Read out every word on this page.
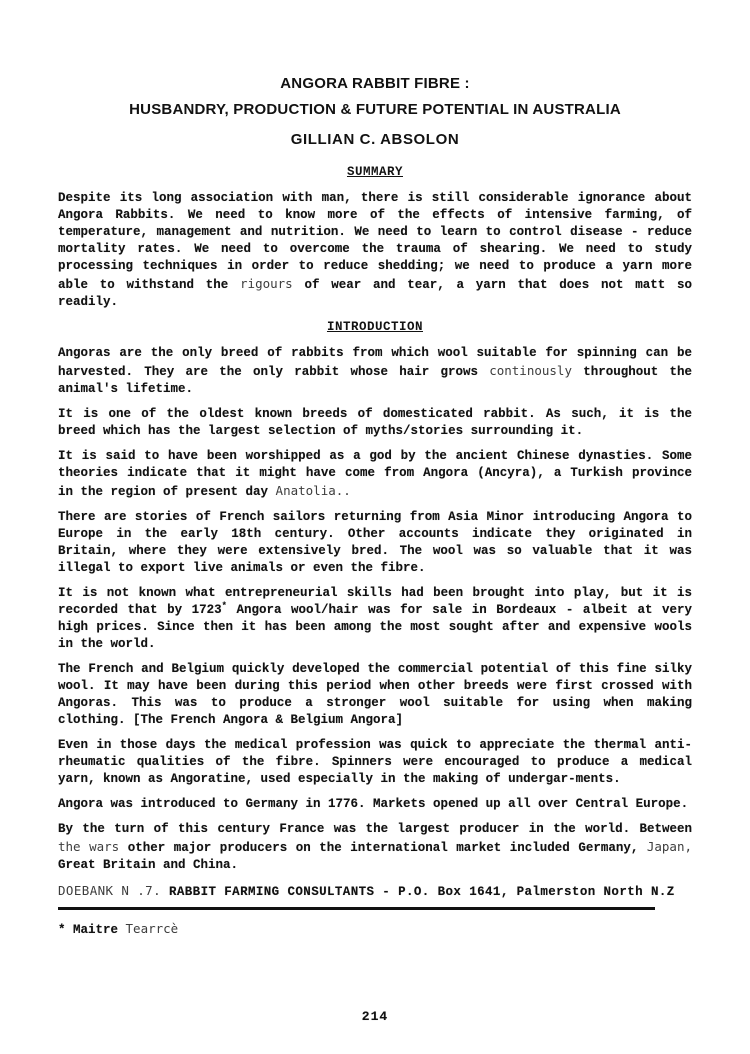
ANGORA RABBIT FIBRE :
HUSBANDRY, PRODUCTION & FUTURE POTENTIAL IN AUSTRALIA
GILLIAN C. ABSOLON
SUMMARY

Despite its long association with man, there is still considerable ignorance about Angora Rabbits. We need to know more of the effects of intensive farming, of temperature, management and nutrition. We need to learn to control disease - reduce mortality rates. We need to overcome the trauma of shearing. We need to study processing techniques in order to reduce shedding; we need to produce a yarn more able to withstand the rigours of wear and tear, a yarn that does not matt so readily.

INTRODUCTION

Angoras are the only breed of rabbits from which wool suitable for spinning can be harvested. They are the only rabbit whose hair grows continously throughout the animal's lifetime.

It is one of the oldest known breeds of domesticated rabbit. As such, it is the breed which has the largest selection of myths/stories surrounding it.

It is said to have been worshipped as a god by the ancient Chinese dynasties. Some theories indicate that it might have come from Angora (Ancyra), a Turkish province in the region of present day Anatolia..

There are stories of French sailors returning from Asia Minor introducing Angora to Europe in the early 18th century. Other accounts indicate they originated in Britain, where they were extensively bred. The wool was so valuable that it was illegal to export live animals or even the fibre.

It is not known what entrepreneurial skills had been brought into play, but it is recorded that by 1723* Angora wool/hair was for sale in Bordeaux - albeit at very high prices. Since then it has been among the most sought after and expensive wools in the world.

The French and Belgium quickly developed the commercial potential of this fine silky wool. It may have been during this period when other breeds were first crossed with Angoras. This was to produce a stronger wool suitable for using when making clothing. [The French Angora & Belgium Angora]

Even in those days the medical profession was quick to appreciate the thermal anti-rheumatic qualities of the fibre. Spinners were encouraged to produce a medical yarn, known as Angoratine, used especially in the making of undergar-ments.

Angora was introduced to Germany in 1776. Markets opened up all over Central Europe.

By the turn of this century France was the largest producer in the world. Between the wars other major producers on the international market included Germany, Japan, Great Britain and China.

DOEBANK N .7. RABBIT FARMING CONSULTANTS - P.O. Box 1641, Palmerston North N.Z

* Maitre Tearrcè

214
